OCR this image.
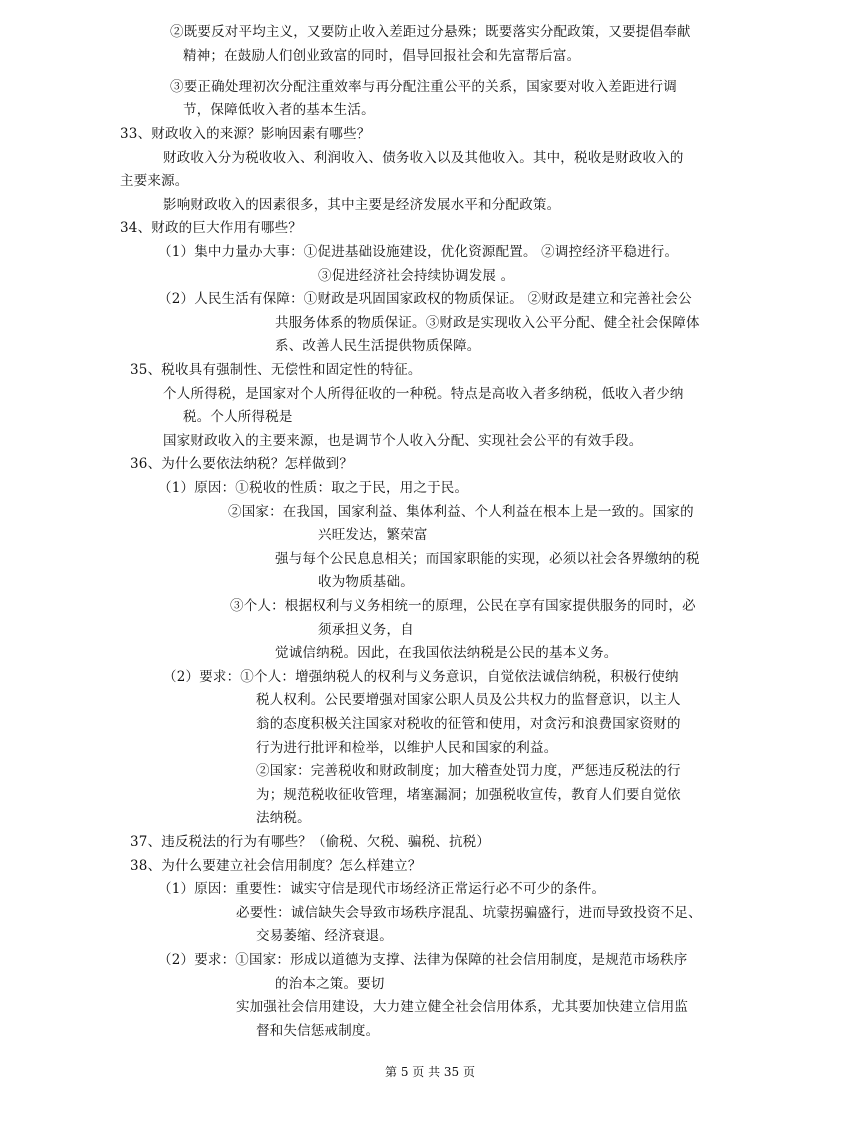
②既要反对平均主义，又要防止收入差距过分悬殊；既要落实分配政策，又要提倡奉献
精神；在鼓励人们创业致富的同时，倡导回报社会和先富帮后富。
③要正确处理初次分配注重效率与再分配注重公平的关系，国家要对收入差距进行调
节，保障低收入者的基本生活。
33、财政收入的来源？影响因素有哪些？
财政收入分为税收收入、利润收入、债务收入以及其他收入。其中，税收是财政收入的
主要来源。
影响财政收入的因素很多，其中主要是经济发展水平和分配政策。
34、财政的巨大作用有哪些？
（1）集中力量办大事：①促进基础设施建设，优化资源配置。 ②调控经济平稳进行。
③促进经济社会持续协调发展 。
（2）人民生活有保障：①财政是巩固国家政权的物质保证。 ②财政是建立和完善社会公
共服务体系的物质保证。③财政是实现收入公平分配、健全社会保障体
系、改善人民生活提供物质保障。
35、税收具有强制性、无偿性和固定性的特征。
个人所得税，是国家对个人所得征收的一种税。特点是高收入者多纳税，低收入者少纳
税。个人所得税是
国家财政收入的主要来源，也是调节个人收入分配、实现社会公平的有效手段。
36、为什么要依法纳税？怎样做到？
（1）原因：①税收的性质：取之于民，用之于民。
②国家：在我国，国家利益、集体利益、个人利益在根本上是一致的。国家的
兴旺发达，繁荣富
强与每个公民息息相关；而国家职能的实现，必须以社会各界缴纳的税
收为物质基础。
③个人：根据权利与义务相统一的原理，公民在享有国家提供服务的同时，必
须承担义务，自
觉诚信纳税。因此，在我国依法纳税是公民的基本义务。
（2）要求：①个人：增强纳税人的权利与义务意识，自觉依法诚信纳税，积极行使纳
税人权利。公民要增强对国家公职人员及公共权力的监督意识，以主人
翁的态度积极关注国家对税收的征管和使用，对贪污和浪费国家资财的
行为进行批评和检举，以维护人民和国家的利益。
②国家：完善税收和财政制度；加大稽查处罚力度，严惩违反税法的行
为；规范税收征收管理，堵塞漏洞；加强税收宣传，教育人们要自觉依
法纳税。
37、违反税法的行为有哪些？（偷税、欠税、骗税、抗税）
38、为什么要建立社会信用制度？怎么样建立？
（1）原因：重要性：诚实守信是现代市场经济正常运行必不可少的条件。
必要性：诚信缺失会导致市场秩序混乱、坑蒙拐骗盛行，进而导致投资不足、
交易萎缩、经济衰退。
（2）要求：①国家：形成以道德为支撑、法律为保障的社会信用制度，是规范市场秩序
的治本之策。要切
实加强社会信用建设，大力建立健全社会信用体系，尤其要加快建立信用监
督和失信惩戒制度。
第 5 页 共 35 页
